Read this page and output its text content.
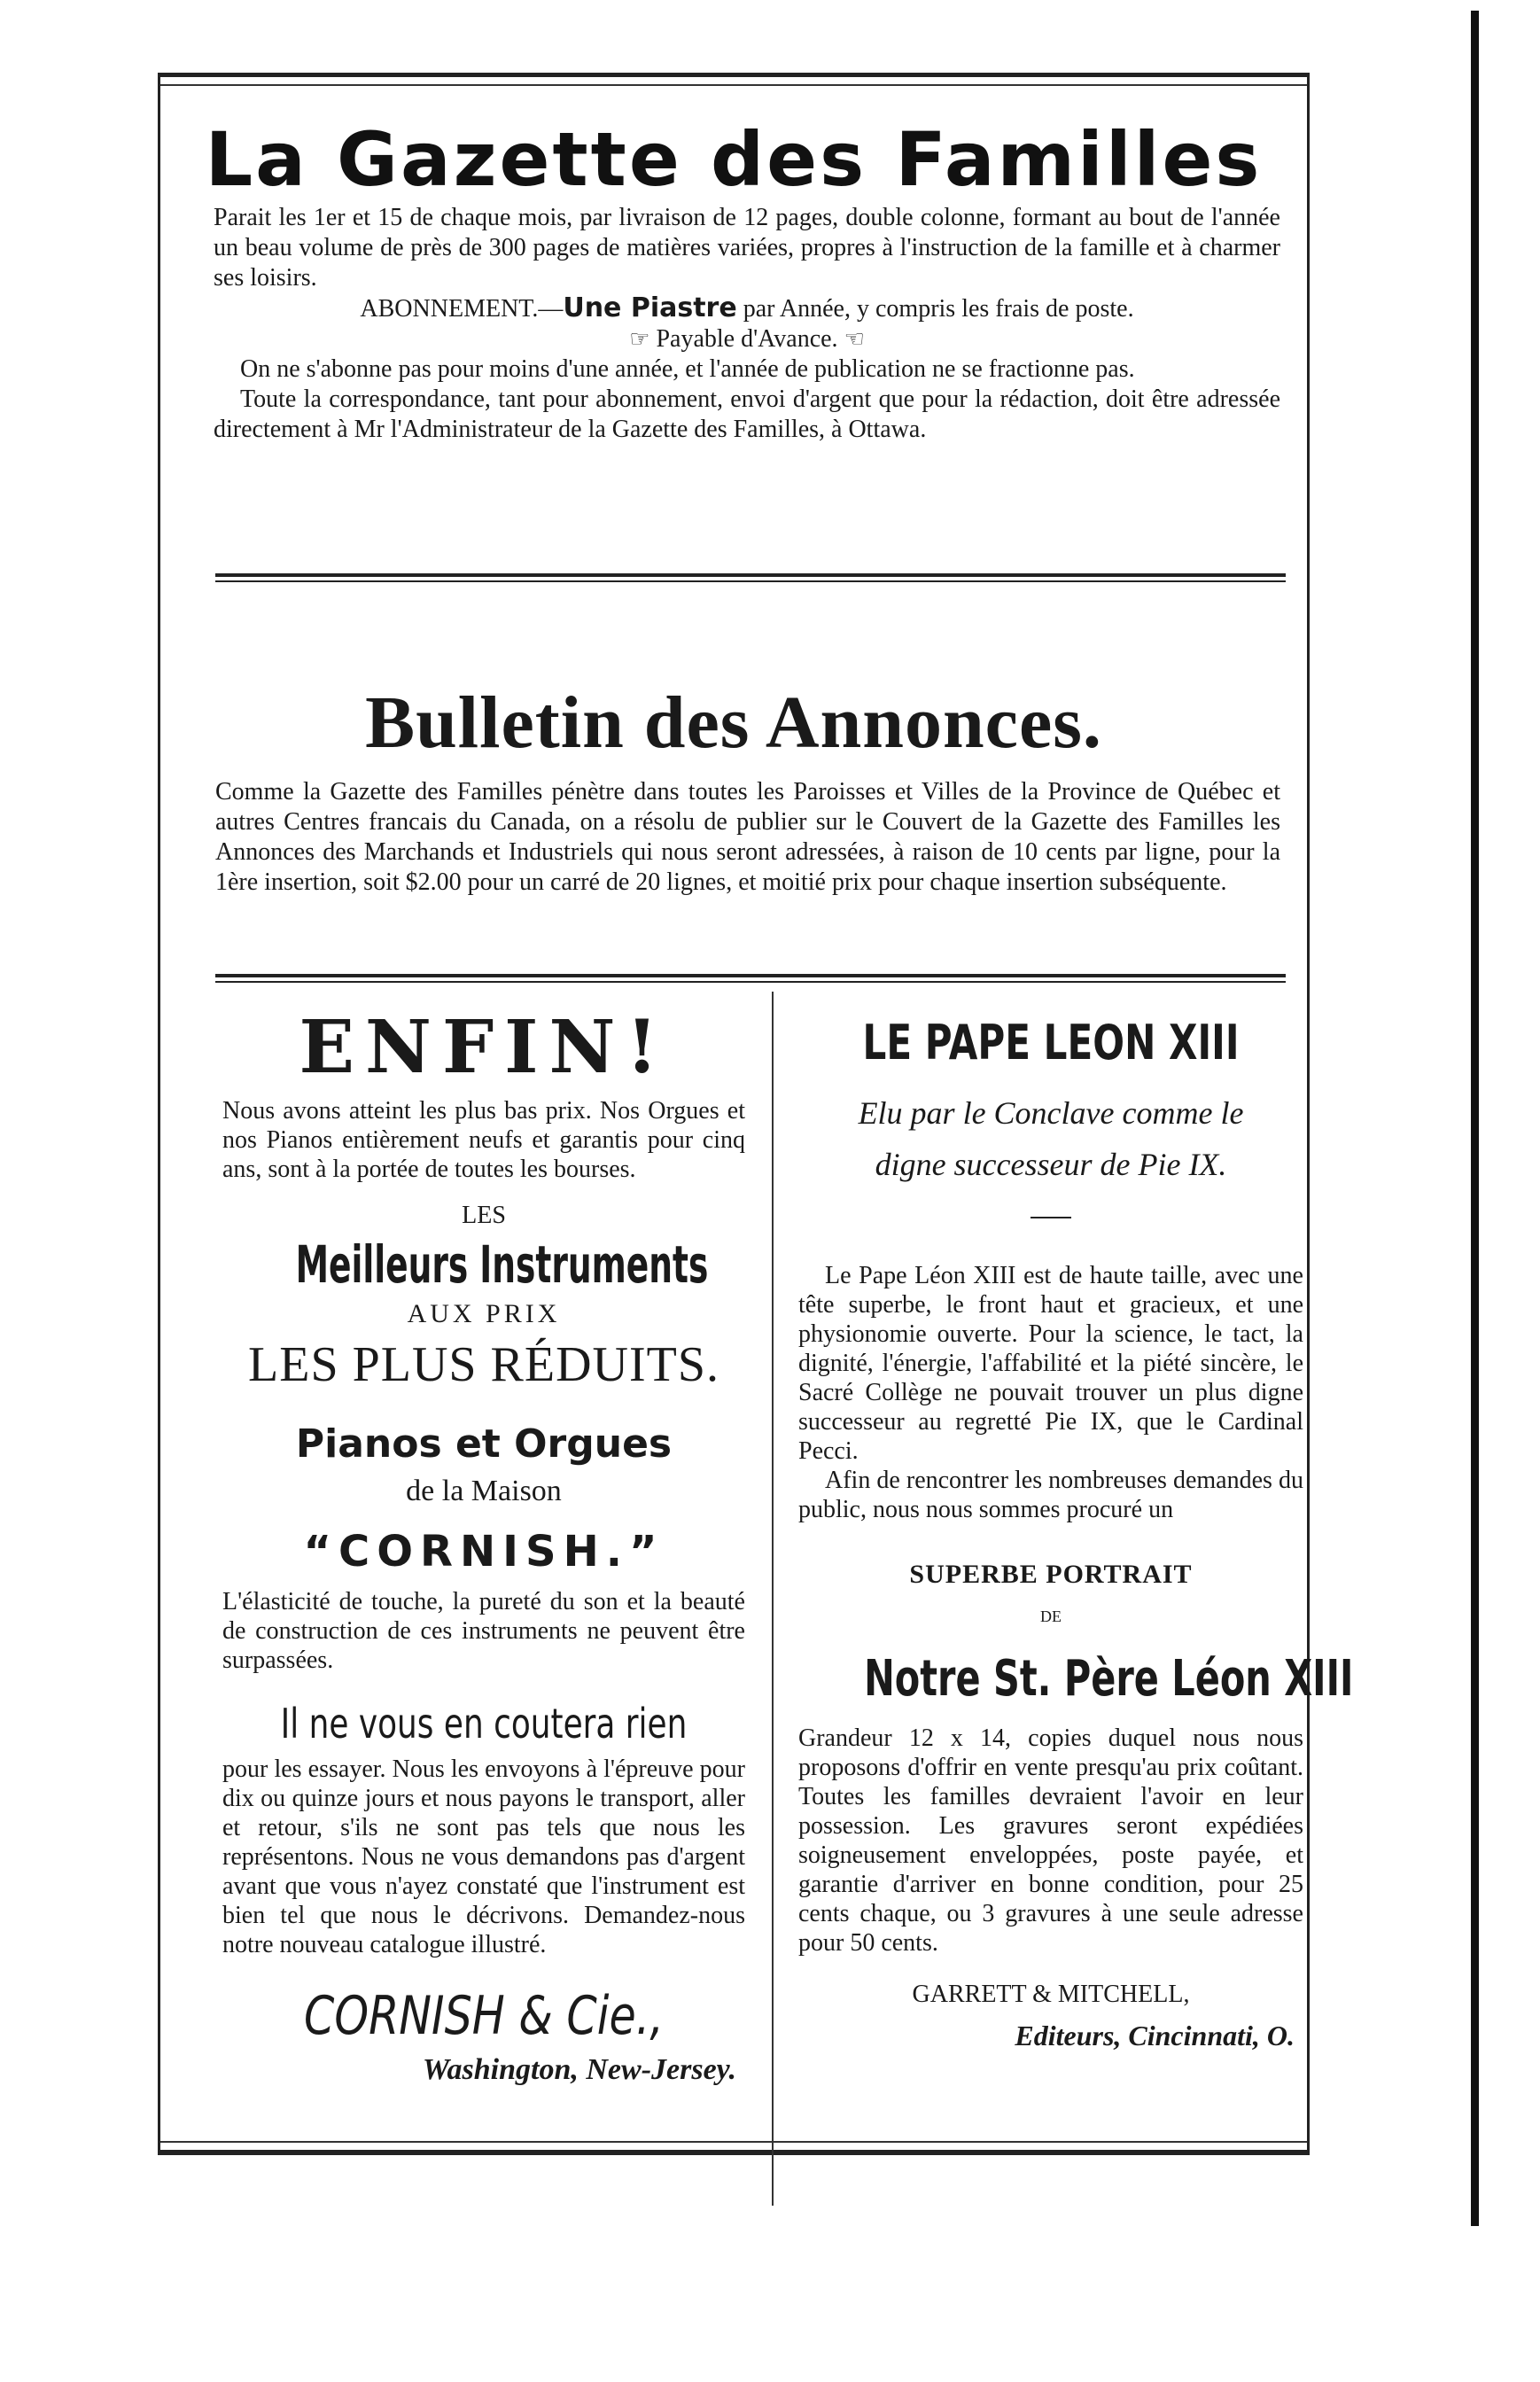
La Gazette des Familles

Parait les 1er et 15 de chaque mois, par livraison de 12 pages, double colonne, formant au bout de l'année un beau volume de près de 300 pages de matières variées, propres à l'instruction de la famille et à charmer ses loisirs.

ABONNEMENT.—Une Piastre par Année, y compris les frais de poste.

☞ Payable d'Avance. ☜

On ne s'abonne pas pour moins d'une année, et l'année de publication ne se fractionne pas.

Toute la correspondance, tant pour abonnement, envoi d'argent que pour la rédaction, doit être adressée directement à Mr l'Administrateur de la Gazette des Familles, à Ottawa.

Bulletin des Annonces.

Comme la Gazette des Familles pénètre dans toutes les Paroisses et Villes de la Province de Québec et autres Centres francais du Canada, on a résolu de publier sur le Couvert de la Gazette des Familles les Annonces des Marchands et Industriels qui nous seront adressées, à raison de 10 cents par ligne, pour la 1ère insertion, soit $2.00 pour un carré de 20 lignes, et moitié prix pour chaque insertion subséquente.

ENFIN!

Nous avons atteint les plus bas prix. Nos Orgues et nos Pianos entièrement neufs et garantis pour cinq ans, sont à la portée de toutes les bourses.

LES

Meilleurs Instruments

AUX PRIX

LES PLUS RÉDUITS.

Pianos et Orgues

de la Maison

“CORNISH.”

L'élasticité de touche, la pureté du son et la beauté de construction de ces instruments ne peuvent être surpassées.

Il ne vous en coutera rien

pour les essayer. Nous les envoyons à l'épreuve pour dix ou quinze jours et nous payons le transport, aller et retour, s'ils ne sont pas tels que nous les représentons. Nous ne vous demandons pas d'argent avant que vous n'ayez constaté que l'instrument est bien tel que nous le décrivons. Demandez-nous notre nouveau catalogue illustré.

CORNISH & Cie.,

Washington, New-Jersey.

LE PAPE LEON XIII

Elu par le Conclave comme le

digne successeur de Pie IX.

Le Pape Léon XIII est de haute taille, avec une tête superbe, le front haut et gracieux, et une physionomie ouverte. Pour la science, le tact, la dignité, l'énergie, l'affabilité et la piété sincère, le Sacré Collège ne pouvait trouver un plus digne successeur au regretté Pie IX, que le Cardinal Pecci.

Afin de rencontrer les nombreuses demandes du public, nous nous sommes procuré un

SUPERBE PORTRAIT

DE

Notre St. Père Léon XIII

Grandeur 12 x 14, copies duquel nous nous proposons d'offrir en vente presqu'au prix coûtant. Toutes les familles devraient l'avoir en leur possession. Les gravures seront expédiées soigneusement enveloppées, poste payée, et garantie d'arriver en bonne condition, pour 25 cents chaque, ou 3 gravures à une seule adresse pour 50 cents.

GARRETT & MITCHELL,

Editeurs, Cincinnati, O.
